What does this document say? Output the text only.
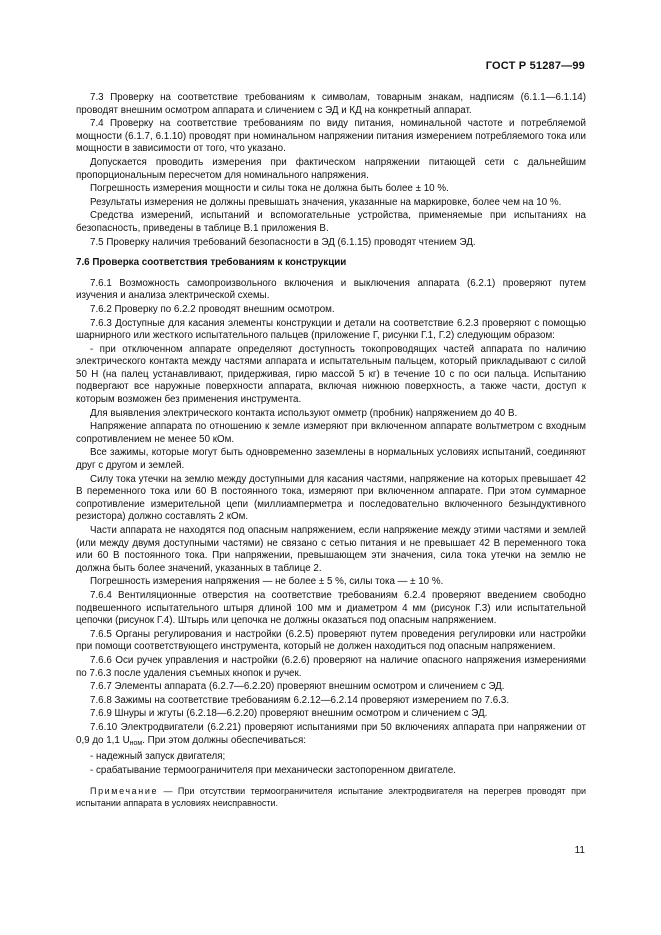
ГОСТ Р 51287—99

7.3 Проверку на соответствие требованиям к символам, товарным знакам, надписям (6.1.1—6.1.14) проводят внешним осмотром аппарата и сличением с ЭД и КД на конкретный аппарат.

7.4 Проверку на соответствие требованиям по виду питания, номинальной частоте и потребляемой мощности (6.1.7, 6.1.10) проводят при номинальном напряжении питания измерением потребляемого тока или мощности в зависимости от того, что указано.

Допускается проводить измерения при фактическом напряжении питающей сети с дальнейшим пропорциональным пересчетом для номинального напряжения.

Погрешность измерения мощности и силы тока не должна быть более ± 10 %.

Результаты измерения не должны превышать значения, указанные на маркировке, более чем на 10 %.

Средства измерений, испытаний и вспомогательные устройства, применяемые при испытаниях на безопасность, приведены в таблице В.1 приложения В.

7.5 Проверку наличия требований безопасности в ЭД (6.1.15) проводят чтением ЭД.

7.6 Проверка соответствия требованиям к конструкции

7.6.1 Возможность самопроизвольного включения и выключения аппарата (6.2.1) проверяют путем изучения и анализа электрической схемы.

7.6.2 Проверку по 6.2.2 проводят внешним осмотром.

7.6.3 Доступные для касания элементы конструкции и детали на соответствие 6.2.3 проверяют с помощью шарнирного или жесткого испытательного пальцев (приложение Г, рисунки Г.1, Г.2) следующим образом:

- при отключенном аппарате определяют доступность токопроводящих частей аппарата по наличию электрического контакта между частями аппарата и испытательным пальцем, который прикладывают с силой 50 Н (на палец устанавливают, придерживая, гирю массой 5 кг) в течение 10 с по оси пальца. Испытанию подвергают все наружные поверхности аппарата, включая нижнюю поверхность, а также части, доступ к которым возможен без применения инструмента.

Для выявления электрического контакта используют омметр (пробник) напряжением до 40 В.

Напряжение аппарата по отношению к земле измеряют при включенном аппарате вольтметром с входным сопротивлением не менее 50 кОм.

Все зажимы, которые могут быть одновременно заземлены в нормальных условиях испытаний, соединяют друг с другом и землей.

Силу тока утечки на землю между доступными для касания частями, напряжение на которых превышает 42 В переменного тока или 60 В постоянного тока, измеряют при включенном аппарате. При этом суммарное сопротивление измерительной цепи (миллиамперметра и последовательно включенного безындуктивного резистора) должно составлять 2 кОм.

Части аппарата не находятся под опасным напряжением, если напряжение между этими частями и землей (или между двумя доступными частями) не связано с сетью питания и не превышает 42 В переменного тока или 60 В постоянного тока. При напряжении, превышающем эти значения, сила тока утечки на землю не должна быть более значений, указанных в таблице 2.

Погрешность измерения напряжения — не более ± 5 %, силы тока — ± 10 %.

7.6.4 Вентиляционные отверстия на соответствие требованиям 6.2.4 проверяют введением свободно подвешенного испытательного штыря длиной 100 мм и диаметром 4 мм (рисунок Г.3) или испытательной цепочки (рисунок Г.4). Штырь или цепочка не должны оказаться под опасным напряжением.

7.6.5 Органы регулирования и настройки (6.2.5) проверяют путем проведения регулировки или настройки при помощи соответствующего инструмента, который не должен находиться под опасным напряжением.

7.6.6 Оси ручек управления и настройки (6.2.6) проверяют на наличие опасного напряжения измерениями по 7.6.3 после удаления съемных кнопок и ручек.

7.6.7 Элементы аппарата (6.2.7—6.2.20) проверяют внешним осмотром и сличением с ЭД.

7.6.8 Зажимы на соответствие требованиям 6.2.12—6.2.14 проверяют измерением по 7.6.3.

7.6.9 Шнуры и жгуты (6.2.18—6.2.20) проверяют внешним осмотром и сличением с ЭД.

7.6.10 Электродвигатели (6.2.21) проверяют испытаниями при 50 включениях аппарата при напряжении от 0,9 до 1,1 $U_{ном}$. При этом должны обеспечиваться:

- надежный запуск двигателя;

- срабатывание термоограничителя при механически застопоренном двигателе.

Примечание — При отсутствии термоограничителя испытание электродвигателя на перегрев проводят при испытании аппарата в условиях неисправности.

11
